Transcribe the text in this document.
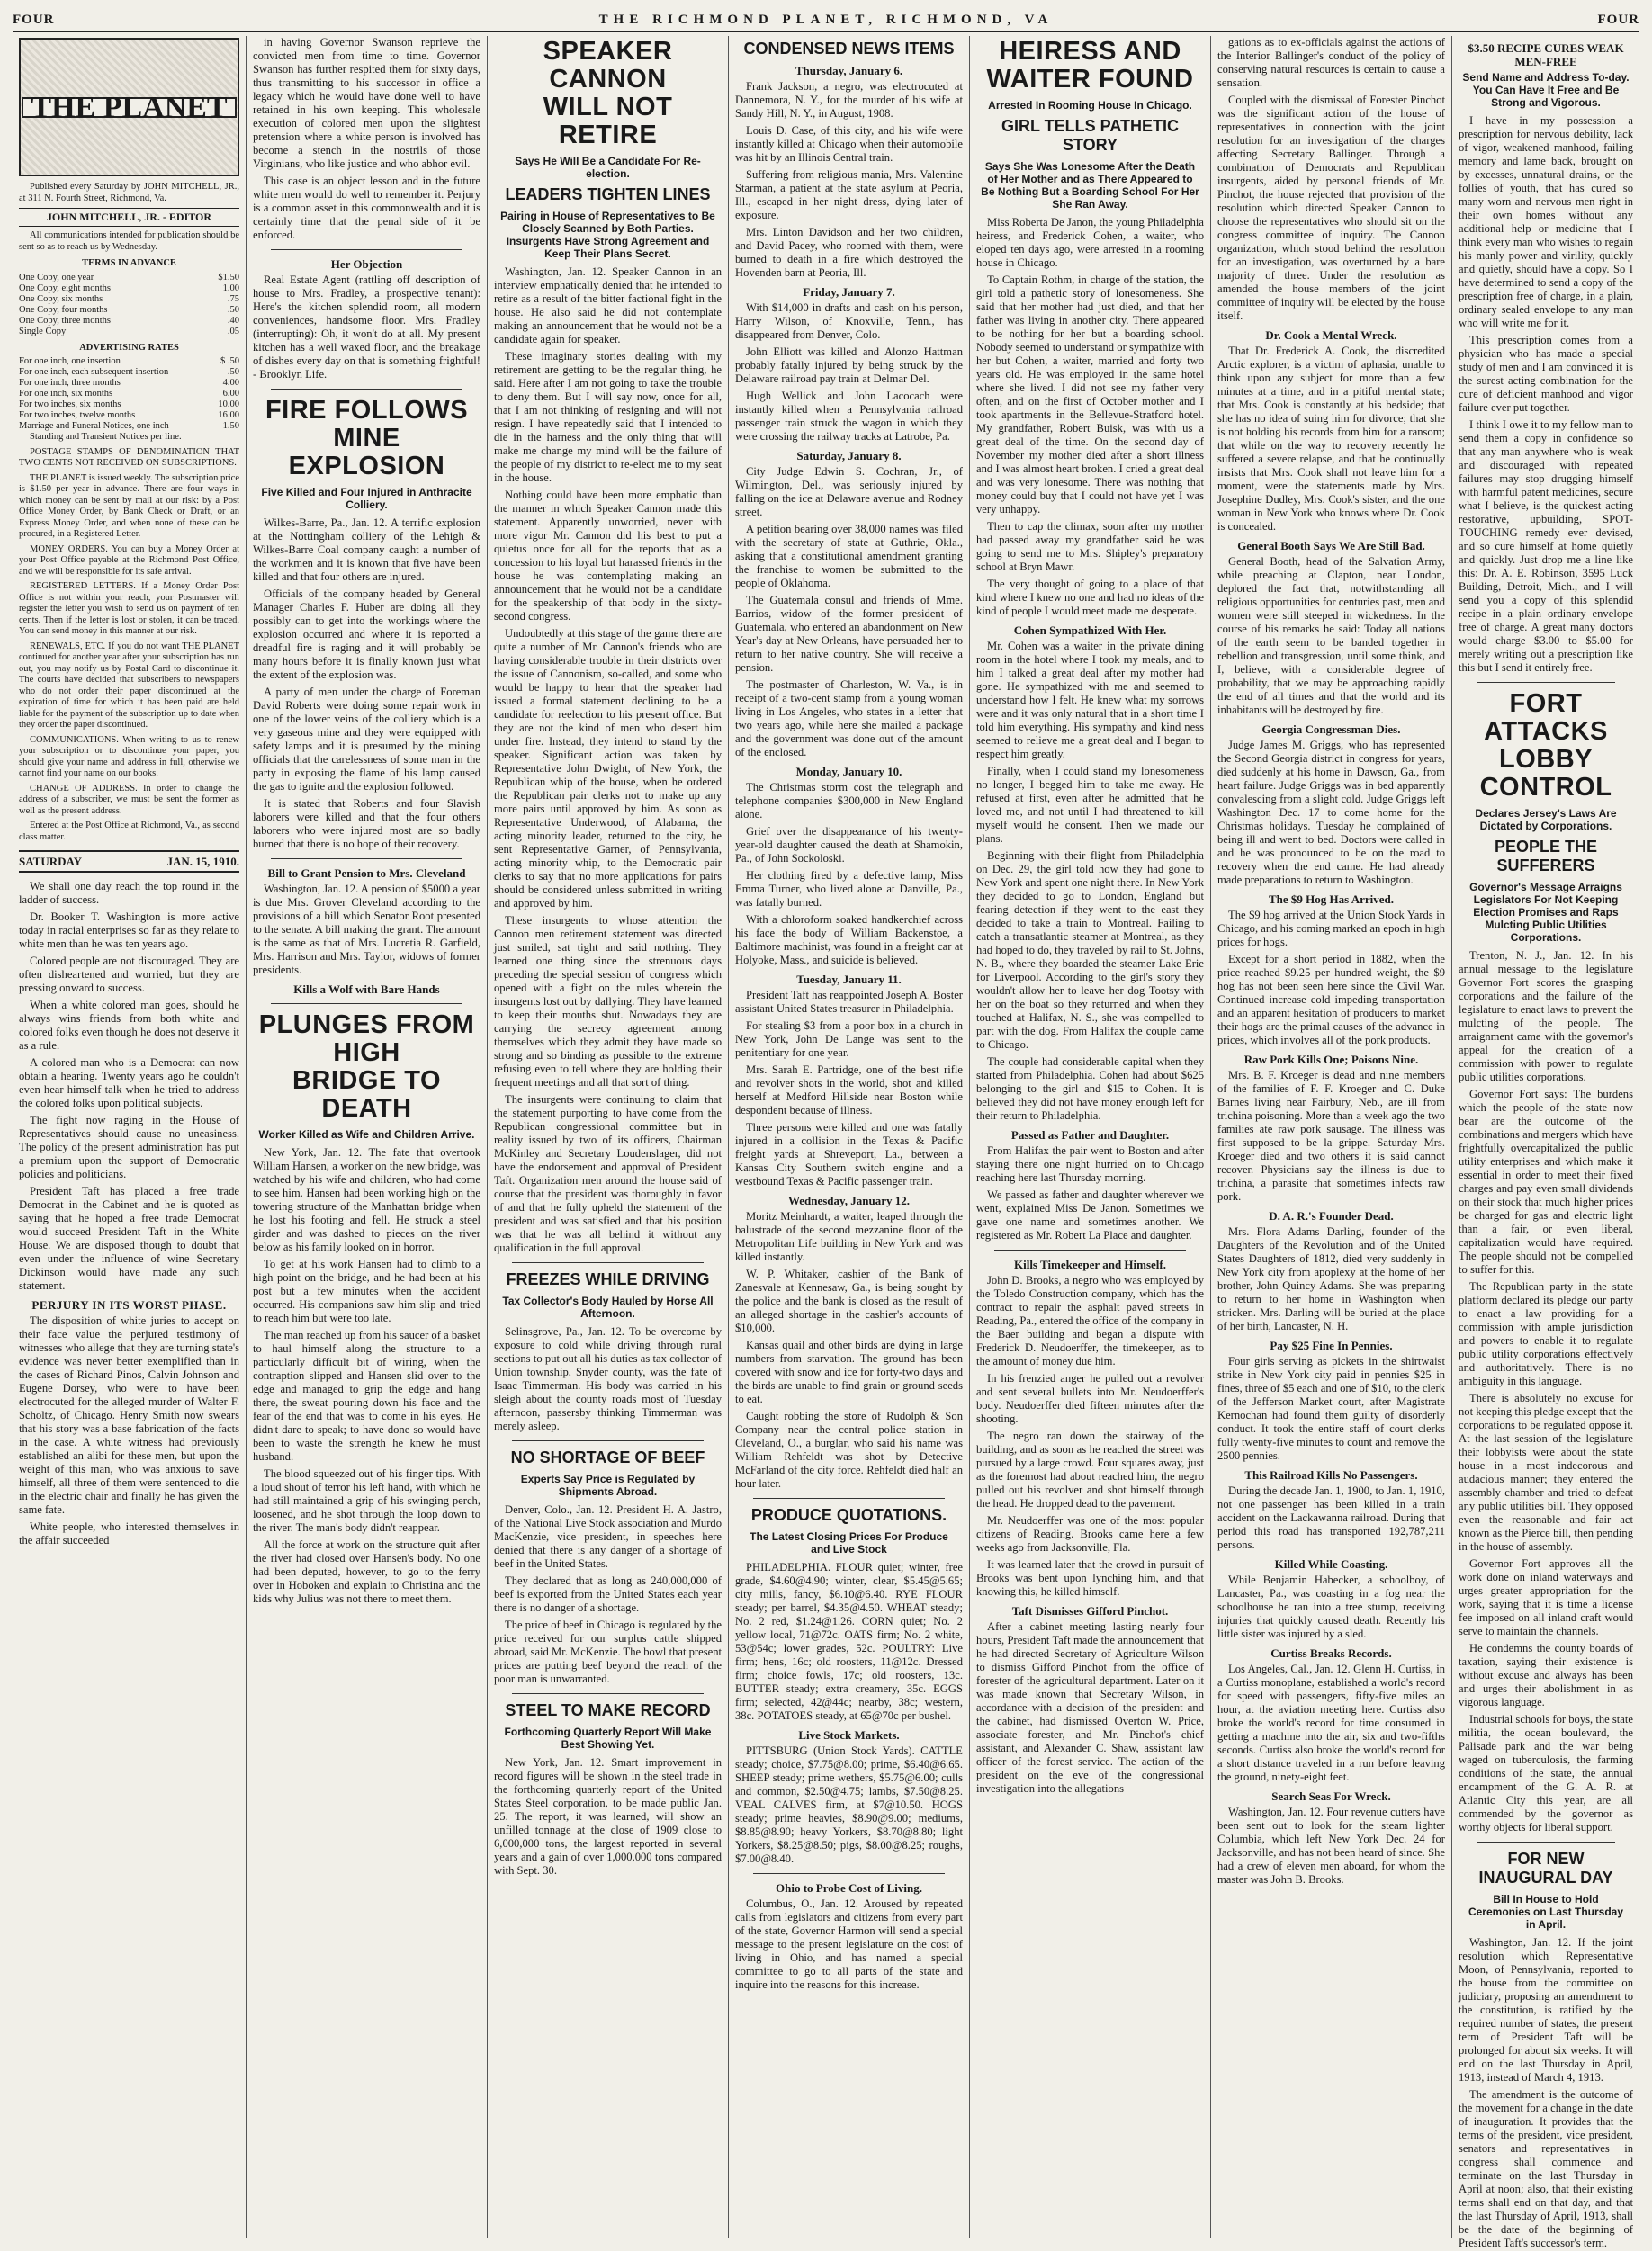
FOUR	THE RICHMOND PLANET, RICHMOND, VA	FOUR
THE PLANET

Published every Saturday by JOHN MITCHELL, JR., at 311 N. Fourth Street, Richmond, Va.

JOHN MITCHELL, JR. - EDITOR

All communications intended for publication should be sent so as to reach us by Wednesday.

TERMS IN ADVANCE
One Copy, one year	$1.50
One Copy, eight months	1.00
One Copy, six months	.75
One Copy, four months	.50
One Copy, three months	.40
Single Copy	.05
ADVERTISING RATES
For one inch, one insertion	$ .50
For one inch, each subsequent insertion	.50
For one inch, three months	4.00
For one inch, six months	6.00
For two inches, six months	10.00
For two inches, twelve months	16.00
Marriage and Funeral Notices, one inch	1.50

Standing and Transient Notices per line.

POSTAGE STAMPS OF DENOMINATION THAT TWO CENTS NOT RECEIVED ON SUBSCRIPTIONS.

THE PLANET is issued weekly. The subscription price is $1.50 per year in advance. There are four ways in which money can be sent by mail at our risk: by a Post Office Money Order, by Bank Check or Draft, or an Express Money Order, and when none of these can be procured, in a Registered Letter.

MONEY ORDERS. You can buy a Money Order at your Post Office payable at the Richmond Post Office, and we will be responsible for its safe arrival.

REGISTERED LETTERS. If a Money Order Post Office is not within your reach, your Postmaster will register the letter you wish to send us on payment of ten cents. Then if the letter is lost or stolen, it can be traced. You can send money in this manner at our risk.

RENEWALS, ETC. If you do not want THE PLANET continued for another year after your subscription has run out, you may notify us by Postal Card to discontinue it. The courts have decided that subscribers to newspapers who do not order their paper discontinued at the expiration of time for which it has been paid are held liable for the payment of the subscription up to date when they order the paper discontinued.

COMMUNICATIONS. When writing to us to renew your subscription or to discontinue your paper, you should give your name and address in full, otherwise we cannot find your name on our books.

CHANGE OF ADDRESS. In order to change the address of a subscriber, we must be sent the former as well as the present address.

Entered at the Post Office at Richmond, Va., as second class matter.

SATURDAY	JAN. 15, 1910.

We shall one day reach the top round in the ladder of success.

Dr. Booker T. Washington is more active today in racial enterprises so far as they relate to white men than he was ten years ago.

Colored people are not discouraged. They are often disheartened and worried, but they are pressing onward to success.

When a white colored man goes, should he always wins friends from both white and colored folks even though he does not deserve it as a rule.

A colored man who is a Democrat can now obtain a hearing. Twenty years ago he couldn't even hear himself talk when he tried to address the colored folks upon political subjects.

The fight now raging in the House of Representatives should cause no uneasiness. The policy of the present administration has put a premium upon the support of Democratic policies and politicians.

President Taft has placed a free trade Democrat in the Cabinet and he is quoted as saying that he hoped a free trade Democrat would succeed President Taft in the White House. We are disposed though to doubt that even under the influence of wine Secretary Dickinson would have made any such statement.

PERJURY IN ITS WORST PHASE.

The disposition of white juries to accept on their face value the perjured testimony of witnesses who allege that they are turning state's evidence was never better exemplified than in the cases of Richard Pinos, Calvin Johnson and Eugene Dorsey, who were to have been electrocuted for the alleged murder of Walter F. Scholtz, of Chicago. Henry Smith now swears that his story was a base fabrication of the facts in the case. A white witness had previously established an alibi for these men, but upon the weight of this man, who was anxious to save himself, all three of them were sentenced to die in the electric chair and finally he has given the same fate.

White people, who interested themselves in the affair succeeded

in having Governor Swanson reprieve the convicted men from time to time. Governor Swanson has further respited them for sixty days, thus transmitting to his successor in office a legacy which he would have done well to have retained in his own keeping. This wholesale execution of colored men upon the slightest pretension where a white person is involved has become a stench in the nostrils of those Virginians, who like justice and who abhor evil.

This case is an object lesson and in the future white men would do well to remember it. Perjury is a common asset in this commonwealth and it is certainly time that the penal side of it be enforced.

Her Objection

Real Estate Agent (rattling off description of house to Mrs. Fradley, a prospective tenant): Here's the kitchen splendid room, all modern conveniences, handsome floor. Mrs. Fradley (interrupting): Oh, it won't do at all. My present kitchen has a well waxed floor, and the breakage of dishes every day on that is something frightful! - Brooklyn Life.

FIRE FOLLOWS
MINE EXPLOSION
Five Killed and Four Injured in Anthracite Colliery.

Wilkes-Barre, Pa., Jan. 12. A terrific explosion at the Nottingham colliery of the Lehigh & Wilkes-Barre Coal company caught a number of the workmen and it is known that five have been killed and that four others are injured.

Officials of the company headed by General Manager Charles F. Huber are doing all they possibly can to get into the workings where the explosion occurred and where it is reported a dreadful fire is raging and it will probably be many hours before it is finally known just what the extent of the explosion was.

A party of men under the charge of Foreman David Roberts were doing some repair work in one of the lower veins of the colliery which is a very gaseous mine and they were equipped with safety lamps and it is presumed by the mining officials that the carelessness of some man in the party in exposing the flame of his lamp caused the gas to ignite and the explosion followed.

It is stated that Roberts and four Slavish laborers were killed and that the four others laborers who were injured most are so badly burned that there is no hope of their recovery.

Bill to Grant Pension to Mrs. Cleveland

Washington, Jan. 12. A pension of $5000 a year is due Mrs. Grover Cleveland according to the provisions of a bill which Senator Root presented to the senate. A bill making the grant. The amount is the same as that of Mrs. Lucretia R. Garfield, Mrs. Harrison and Mrs. Taylor, widows of former presidents.

Kills a Wolf with Bare Hands
PLUNGES FROM HIGH
BRIDGE TO DEATH
Worker Killed as Wife and Children Arrive.

New York, Jan. 12. The fate that overtook William Hansen, a worker on the new bridge, was watched by his wife and children, who had come to see him. Hansen had been working high on the towering structure of the Manhattan bridge when he lost his footing and fell. He struck a steel girder and was dashed to pieces on the river below as his family looked on in horror.

To get at his work Hansen had to climb to a high point on the bridge, and he had been at his post but a few minutes when the accident occurred. His companions saw him slip and tried to reach him but were too late.

The man reached up from his saucer of a basket to haul himself along the structure to a particularly difficult bit of wiring, when the contraption slipped and Hansen slid over to the edge and managed to grip the edge and hang there, the sweat pouring down his face and the fear of the end that was to come in his eyes. He didn't dare to speak; to have done so would have been to waste the strength he knew he must husband.

The blood squeezed out of his finger tips. With a loud shout of terror his left hand, with which he had still maintained a grip of his swinging perch, loosened, and he shot through the loop down to the river. The man's body didn't reappear.

All the force at work on the structure quit after the river had closed over Hansen's body. No one had been deputed, however, to go to the ferry over in Hoboken and explain to Christina and the kids why Julius was not there to meet them.

SPEAKER CANNON
WILL NOT RETIRE
Says He Will Be a Candidate For Re-election.
LEADERS TIGHTEN LINES
Pairing in House of Representatives to Be Closely Scanned by Both Parties. Insurgents Have Strong Agreement and Keep Their Plans Secret.

Washington, Jan. 12. Speaker Cannon in an interview emphatically denied that he intended to retire as a result of the bitter factional fight in the house. He also said he did not contemplate making an announcement that he would not be a candidate again for speaker.

These imaginary stories dealing with my retirement are getting to be the regular thing, he said. Here after I am not going to take the trouble to deny them. But I will say now, once for all, that I am not thinking of resigning and will not resign. I have repeatedly said that I intended to die in the harness and the only thing that will make me change my mind will be the failure of the people of my district to re-elect me to my seat in the house.

Nothing could have been more emphatic than the manner in which Speaker Cannon made this statement. Apparently unworried, never with more vigor Mr. Cannon did his best to put a quietus once for all for the reports that as a concession to his loyal but harassed friends in the house he was contemplating making an announcement that he would not be a candidate for the speakership of that body in the sixty-second congress.

Undoubtedly at this stage of the game there are quite a number of Mr. Cannon's friends who are having considerable trouble in their districts over the issue of Cannonism, so-called, and some who would be happy to hear that the speaker had issued a formal statement declining to be a candidate for reelection to his present office. But they are not the kind of men who desert him under fire. Instead, they intend to stand by the speaker. Significant action was taken by Representative John Dwight, of New York, the Republican whip of the house, when he ordered the Republican pair clerks not to make up any more pairs until approved by him. As soon as Representative Underwood, of Alabama, the acting minority leader, returned to the city, he sent Representative Garner, of Pennsylvania, acting minority whip, to the Democratic pair clerks to say that no more applications for pairs should be considered unless submitted in writing and approved by him.

These insurgents to whose attention the Cannon men retirement statement was directed just smiled, sat tight and said nothing. They learned one thing since the strenuous days preceding the special session of congress which opened with a fight on the rules wherein the insurgents lost out by dallying. They have learned to keep their mouths shut. Nowadays they are carrying the secrecy agreement among themselves which they admit they have made so strong and so binding as possible to the extreme refusing even to tell where they are holding their frequent meetings and all that sort of thing.

The insurgents were continuing to claim that the statement purporting to have come from the Republican congressional committee but in reality issued by two of its officers, Chairman McKinley and Secretary Loudenslager, did not have the endorsement and approval of President Taft. Organization men around the house said of course that the president was thoroughly in favor of and that he fully upheld the statement of the president and was satisfied and that his position was that he was all behind it without any qualification in the full approval.

FREEZES WHILE DRIVING
Tax Collector's Body Hauled by Horse All Afternoon.

Selinsgrove, Pa., Jan. 12. To be overcome by exposure to cold while driving through rural sections to put out all his duties as tax collector of Union township, Snyder county, was the fate of Isaac Timmerman. His body was carried in his sleigh about the county roads most of Tuesday afternoon, passersby thinking Timmerman was merely asleep.

NO SHORTAGE OF BEEF
Experts Say Price is Regulated by Shipments Abroad.

Denver, Colo., Jan. 12. President H. A. Jastro, of the National Live Stock association and Murdo MacKenzie, vice president, in speeches here denied that there is any danger of a shortage of beef in the United States.

They declared that as long as 240,000,000 of beef is exported from the United States each year there is no danger of a shortage.

The price of beef in Chicago is regulated by the price received for our surplus cattle shipped abroad, said Mr. McKenzie. The bowl that present prices are putting beef beyond the reach of the poor man is unwarranted.

STEEL TO MAKE RECORD
Forthcoming Quarterly Report Will Make Best Showing Yet.

New York, Jan. 12. Smart improvement in record figures will be shown in the steel trade in the forthcoming quarterly report of the United States Steel corporation, to be made public Jan. 25. The report, it was learned, will show an unfilled tonnage at the close of 1909 close to 6,000,000 tons, the largest reported in several years and a gain of over 1,000,000 tons compared with Sept. 30.

CONDENSED NEWS ITEMS
Thursday, January 6.

Frank Jackson, a negro, was electrocuted at Dannemora, N. Y., for the murder of his wife at Sandy Hill, N. Y., in August, 1908.

Louis D. Case, of this city, and his wife were instantly killed at Chicago when their automobile was hit by an Illinois Central train.

Suffering from religious mania, Mrs. Valentine Starman, a patient at the state asylum at Peoria, Ill., escaped in her night dress, dying later of exposure.

Mrs. Linton Davidson and her two children, and David Pacey, who roomed with them, were burned to death in a fire which destroyed the Hovenden barn at Peoria, Ill.

Friday, January 7.

With $14,000 in drafts and cash on his person, Harry Wilson, of Knoxville, Tenn., has disappeared from Denver, Colo.

John Elliott was killed and Alonzo Hattman probably fatally injured by being struck by the Delaware railroad pay train at Delmar Del.

Hugh Wellick and John Lacocach were instantly killed when a Pennsylvania railroad passenger train struck the wagon in which they were crossing the railway tracks at Latrobe, Pa.

Saturday, January 8.

City Judge Edwin S. Cochran, Jr., of Wilmington, Del., was seriously injured by falling on the ice at Delaware avenue and Rodney street.

A petition bearing over 38,000 names was filed with the secretary of state at Guthrie, Okla., asking that a constitutional amendment granting the franchise to women be submitted to the people of Oklahoma.

The Guatemala consul and friends of Mme. Barrios, widow of the former president of Guatemala, who entered an abandonment on New Year's day at New Orleans, have persuaded her to return to her native country. She will receive a pension.

The postmaster of Charleston, W. Va., is in receipt of a two-cent stamp from a young woman living in Los Angeles, who states in a letter that two years ago, while here she mailed a package and the government was done out of the amount of the enclosed.

Monday, January 10.

The Christmas storm cost the telegraph and telephone companies $300,000 in New England alone.

Grief over the disappearance of his twenty-year-old daughter caused the death at Shamokin, Pa., of John Sockoloski.

Her clothing fired by a defective lamp, Miss Emma Turner, who lived alone at Danville, Pa., was fatally burned.

With a chloroform soaked handkerchief across his face the body of William Backenstoe, a Baltimore machinist, was found in a freight car at Holyoke, Mass., and suicide is believed.

Tuesday, January 11.

President Taft has reappointed Joseph A. Boster assistant United States treasurer in Philadelphia.

For stealing $3 from a poor box in a church in New York, John De Lange was sent to the penitentiary for one year.

Mrs. Sarah E. Partridge, one of the best rifle and revolver shots in the world, shot and killed herself at Medford Hillside near Boston while despondent because of illness.

Three persons were killed and one was fatally injured in a collision in the Texas & Pacific freight yards at Shreveport, La., between a Kansas City Southern switch engine and a westbound Texas & Pacific passenger train.

Wednesday, January 12.

Moritz Meinhardt, a waiter, leaped through the balustrade of the second mezzanine floor of the Metropolitan Life building in New York and was killed instantly.

W. P. Whitaker, cashier of the Bank of Zanesvale at Kennesaw, Ga., is being sought by the police and the bank is closed as the result of an alleged shortage in the cashier's accounts of $10,000.

Kansas quail and other birds are dying in large numbers from starvation. The ground has been covered with snow and ice for forty-two days and the birds are unable to find grain or ground seeds to eat.

Caught robbing the store of Rudolph & Son Company near the central police station in Cleveland, O., a burglar, who said his name was William Rehfeldt was shot by Detective McFarland of the city force. Rehfeldt died half an hour later.

PRODUCE QUOTATIONS.
The Latest Closing Prices For Produce and Live Stock

PHILADELPHIA. FLOUR quiet; winter, free grade, $4.60@4.90; winter, clear, $5.45@5.65; city mills, fancy, $6.10@6.40. RYE FLOUR steady; per barrel, $4.35@4.50. WHEAT steady; No. 2 red, $1.24@1.26. CORN quiet; No. 2 yellow local, 71@72c. OATS firm; No. 2 white, 53@54c; lower grades, 52c. POULTRY: Live firm; hens, 16c; old roosters, 11@12c. Dressed firm; choice fowls, 17c; old roosters, 13c. BUTTER steady; extra creamery, 35c. EGGS firm; selected, 42@44c; nearby, 38c; western, 38c. POTATOES steady, at 65@70c per bushel.

Live Stock Markets.

PITTSBURG (Union Stock Yards). CATTLE steady; choice, $7.75@8.00; prime, $6.40@6.65. SHEEP steady; prime wethers, $5.75@6.00; culls and common, $2.50@4.75; lambs, $7.50@8.25. VEAL CALVES firm, at $7@10.50. HOGS steady; prime heavies, $8.90@9.00; mediums, $8.85@8.90; heavy Yorkers, $8.70@8.80; light Yorkers, $8.25@8.50; pigs, $8.00@8.25; roughs, $7.00@8.40.

Ohio to Probe Cost of Living.

Columbus, O., Jan. 12. Aroused by repeated calls from legislators and citizens from every part of the state, Governor Harmon will send a special message to the present legislature on the cost of living in Ohio, and has named a special committee to go to all parts of the state and inquire into the reasons for this increase.

HEIRESS AND
WAITER FOUND
Arrested In Rooming House In Chicago.
GIRL TELLS PATHETIC STORY
Says She Was Lonesome After the Death of Her Mother and as There Appeared to Be Nothing But a Boarding School For Her She Ran Away.

Miss Roberta De Janon, the young Philadelphia heiress, and Frederick Cohen, a waiter, who eloped ten days ago, were arrested in a rooming house in Chicago.

To Captain Rothm, in charge of the station, the girl told a pathetic story of lonesomeness. She said that her mother had just died, and that her father was living in another city. There appeared to be nothing for her but a boarding school. Nobody seemed to understand or sympathize with her but Cohen, a waiter, married and forty two years old. He was employed in the same hotel where she lived. I did not see my father very often, and on the first of October mother and I took apartments in the Bellevue-Stratford hotel. My grandfather, Robert Buisk, was with us a great deal of the time. On the second day of November my mother died after a short illness and I was almost heart broken. I cried a great deal and was very lonesome. There was nothing that money could buy that I could not have yet I was very unhappy.

Then to cap the climax, soon after my mother had passed away my grandfather said he was going to send me to Mrs. Shipley's preparatory school at Bryn Mawr.

The very thought of going to a place of that kind where I knew no one and had no ideas of the kind of people I would meet made me desperate.

Cohen Sympathized With Her.

Mr. Cohen was a waiter in the private dining room in the hotel where I took my meals, and to him I talked a great deal after my mother had gone. He sympathized with me and seemed to understand how I felt. He knew what my sorrows were and it was only natural that in a short time I told him everything. His sympathy and kind ness seemed to relieve me a great deal and I began to respect him greatly.

Finally, when I could stand my lonesomeness no longer, I begged him to take me away. He refused at first, even after he admitted that he loved me, and not until I had threatened to kill myself would he consent. Then we made our plans.

Beginning with their flight from Philadelphia on Dec. 29, the girl told how they had gone to New York and spent one night there. In New York they decided to go to London, England but fearing detection if they went to the east they decided to take a train to Montreal. Failing to catch a transatlantic steamer at Montreal, as they had hoped to do, they traveled by rail to St. Johns, N. B., where they boarded the steamer Lake Erie for Liverpool. According to the girl's story they wouldn't allow her to leave her dog Tootsy with her on the boat so they returned and when they touched at Halifax, N. S., she was compelled to part with the dog. From Halifax the couple came to Chicago.

The couple had considerable capital when they started from Philadelphia. Cohen had about $625 belonging to the girl and $15 to Cohen. It is believed they did not have money enough left for their return to Philadelphia.

Passed as Father and Daughter.

From Halifax the pair went to Boston and after staying there one night hurried on to Chicago reaching here last Thursday morning.

We passed as father and daughter wherever we went, explained Miss De Janon. Sometimes we gave one name and sometimes another. We registered as Mr. Robert La Place and daughter.

Kills Timekeeper and Himself.

John D. Brooks, a negro who was employed by the Toledo Construction company, which has the contract to repair the asphalt paved streets in Reading, Pa., entered the office of the company in the Baer building and began a dispute with Frederick D. Neudoerffer, the timekeeper, as to the amount of money due him.

In his frenzied anger he pulled out a revolver and sent several bullets into Mr. Neudoerffer's body. Neudoerffer died fifteen minutes after the shooting.

The negro ran down the stairway of the building, and as soon as he reached the street was pursued by a large crowd. Four squares away, just as the foremost had about reached him, the negro pulled out his revolver and shot himself through the head. He dropped dead to the pavement.

Mr. Neudoerffer was one of the most popular citizens of Reading. Brooks came here a few weeks ago from Jacksonville, Fla.

It was learned later that the crowd in pursuit of Brooks was bent upon lynching him, and that knowing this, he killed himself.

Taft Dismisses Gifford Pinchot.

After a cabinet meeting lasting nearly four hours, President Taft made the announcement that he had directed Secretary of Agriculture Wilson to dismiss Gifford Pinchot from the office of forester of the agricultural department. Later on it was made known that Secretary Wilson, in accordance with a decision of the president and the cabinet, had dismissed Overton W. Price, associate forester, and Mr. Pinchot's chief assistant, and Alexander C. Shaw, assistant law officer of the forest service. The action of the president on the eve of the congressional investigation into the allegations

gations as to ex-officials against the actions of the Interior Ballinger's conduct of the policy of conserving natural resources is certain to cause a sensation.

Coupled with the dismissal of Forester Pinchot was the significant action of the house of representatives in connection with the joint resolution for an investigation of the charges affecting Secretary Ballinger. Through a combination of Democrats and Republican insurgents, aided by personal friends of Mr. Pinchot, the house rejected that provision of the resolution which directed Speaker Cannon to choose the representatives who should sit on the congress committee of inquiry. The Cannon organization, which stood behind the resolution for an investigation, was overturned by a bare majority of three. Under the resolution as amended the house members of the joint committee of inquiry will be elected by the house itself.

Dr. Cook a Mental Wreck.

That Dr. Frederick A. Cook, the discredited Arctic explorer, is a victim of aphasia, unable to think upon any subject for more than a few minutes at a time, and in a pitiful mental state; that Mrs. Cook is constantly at his bedside; that she has no idea of suing him for divorce; that she is not holding his records from him for a ransom; that while on the way to recovery recently he suffered a severe relapse, and that he continually insists that Mrs. Cook shall not leave him for a moment, were the statements made by Mrs. Josephine Dudley, Mrs. Cook's sister, and the one woman in New York who knows where Dr. Cook is concealed.

General Booth Says We Are Still Bad.

General Booth, head of the Salvation Army, while preaching at Clapton, near London, deplored the fact that, notwithstanding all religious opportunities for centuries past, men and women were still steeped in wickedness. In the course of his remarks he said: Today all nations of the earth seem to be banded together in rebellion and transgression, until some think, and I, believe, with a considerable degree of probability, that we may be approaching rapidly the end of all times and that the world and its inhabitants will be destroyed by fire.

Georgia Congressman Dies.

Judge James M. Griggs, who has represented the Second Georgia district in congress for years, died suddenly at his home in Dawson, Ga., from heart failure. Judge Griggs was in bed apparently convalescing from a slight cold. Judge Griggs left Washington Dec. 17 to come home for the Christmas holidays. Tuesday he complained of being ill and went to bed. Doctors were called in and he was pronounced to be on the road to recovery when the end came. He had already made preparations to return to Washington.

The $9 Hog Has Arrived.

The $9 hog arrived at the Union Stock Yards in Chicago, and his coming marked an epoch in high prices for hogs.

Except for a short period in 1882, when the price reached $9.25 per hundred weight, the $9 hog has not been seen here since the Civil War. Continued increase cold impeding transportation and an apparent hesitation of producers to market their hogs are the primal causes of the advance in prices, which involves all of the pork products.

Raw Pork Kills One; Poisons Nine.

Mrs. B. F. Kroeger is dead and nine members of the families of F. F. Kroeger and C. Duke Barnes living near Fairbury, Neb., are ill from trichina poisoning. More than a week ago the two families ate raw pork sausage. The illness was first supposed to be la grippe. Saturday Mrs. Kroeger died and two others it is said cannot recover. Physicians say the illness is due to trichina, a parasite that sometimes infects raw pork.

D. A. R.'s Founder Dead.

Mrs. Flora Adams Darling, founder of the Daughters of the Revolution and of the United States Daughters of 1812, died very suddenly in New York city from apoplexy at the home of her brother, John Quincy Adams. She was preparing to return to her home in Washington when stricken. Mrs. Darling will be buried at the place of her birth, Lancaster, N. H.

Pay $25 Fine In Pennies.

Four girls serving as pickets in the shirtwaist strike in New York city paid in pennies $25 in fines, three of $5 each and one of $10, to the clerk of the Jefferson Market court, after Magistrate Kernochan had found them guilty of disorderly conduct. It took the entire staff of court clerks fully twenty-five minutes to count and remove the 2500 pennies.

This Railroad Kills No Passengers.

During the decade Jan. 1, 1900, to Jan. 1, 1910, not one passenger has been killed in a train accident on the Lackawanna railroad. During that period this road has transported 192,787,211 persons.

Killed While Coasting.

While Benjamin Habecker, a schoolboy, of Lancaster, Pa., was coasting in a fog near the schoolhouse he ran into a tree stump, receiving injuries that quickly caused death. Recently his little sister was injured by a sled.

Curtiss Breaks Records.

Los Angeles, Cal., Jan. 12. Glenn H. Curtiss, in a Curtiss monoplane, established a world's record for speed with passengers, fifty-five miles an hour, at the aviation meeting here. Curtiss also broke the world's record for time consumed in getting a machine into the air, six and two-fifths seconds. Curtiss also broke the world's record for a short distance traveled in a run before leaving the ground, ninety-eight feet.

Search Seas For Wreck.

Washington, Jan. 12. Four revenue cutters have been sent out to look for the steam lighter Columbia, which left New York Dec. 24 for Jacksonville, and has not been heard of since. She had a crew of eleven men aboard, for whom the master was John B. Brooks.

$3.50 RECIPE CURES WEAK MEN-FREE
Send Name and Address To-day. You Can Have It Free and Be Strong and Vigorous.

I have in my possession a prescription for nervous debility, lack of vigor, weakened manhood, failing memory and lame back, brought on by excesses, unnatural drains, or the follies of youth, that has cured so many worn and nervous men right in their own homes without any additional help or medicine that I think every man who wishes to regain his manly power and virility, quickly and quietly, should have a copy. So I have determined to send a copy of the prescription free of charge, in a plain, ordinary sealed envelope to any man who will write me for it.

This prescription comes from a physician who has made a special study of men and I am convinced it is the surest acting combination for the cure of deficient manhood and vigor failure ever put together.

I think I owe it to my fellow man to send them a copy in confidence so that any man anywhere who is weak and discouraged with repeated failures may stop drugging himself with harmful patent medicines, secure what I believe, is the quickest acting restorative, upbuilding, SPOT-TOUCHING remedy ever devised, and so cure himself at home quietly and quickly. Just drop me a line like this: Dr. A. E. Robinson, 3595 Luck Building, Detroit, Mich., and I will send you a copy of this splendid recipe in a plain ordinary envelope free of charge. A great many doctors would charge $3.00 to $5.00 for merely writing out a prescription like this but I send it entirely free.

FORT ATTACKS
LOBBY CONTROL
Declares Jersey's Laws Are Dictated by Corporations.
PEOPLE THE SUFFERERS
Governor's Message Arraigns Legislators For Not Keeping Election Promises and Raps Mulcting Public Utilities Corporations.

Trenton, N. J., Jan. 12. In his annual message to the legislature Governor Fort scores the grasping corporations and the failure of the legislature to enact laws to prevent the mulcting of the people. The arraignment came with the governor's appeal for the creation of a commission with power to regulate public utilities corporations.

Governor Fort says: The burdens which the people of the state now bear are the outcome of the combinations and mergers which have frightfully overcapitalized the public utility enterprises and which make it essential in order to meet their fixed charges and pay even small dividends on their stock that much higher prices be charged for gas and electric light than a fair, or even liberal, capitalization would have required. The people should not be compelled to suffer for this.

The Republican party in the state platform declared its pledge our party to enact a law providing for a commission with ample jurisdiction and powers to enable it to regulate public utility corporations effectively and authoritatively. There is no ambiguity in this language.

There is absolutely no excuse for not keeping this pledge except that the corporations to be regulated oppose it. At the last session of the legislature their lobbyists were about the state house in a most indecorous and audacious manner; they entered the assembly chamber and tried to defeat any public utilities bill. They opposed even the reasonable and fair act known as the Pierce bill, then pending in the house of assembly.

Governor Fort approves all the work done on inland waterways and urges greater appropriation for the work, saying that it is time a license fee imposed on all inland craft would serve to maintain the channels.

He condemns the county boards of taxation, saying their existence is without excuse and always has been and urges their abolishment in as vigorous language.

Industrial schools for boys, the state militia, the ocean boulevard, the Palisade park and the war being waged on tuberculosis, the farming conditions of the state, the annual encampment of the G. A. R. at Atlantic City this year, are all commended by the governor as worthy objects for liberal support.

FOR NEW INAUGURAL DAY
Bill In House to Hold Ceremonies on Last Thursday in April.

Washington, Jan. 12. If the joint resolution which Representative Moon, of Pennsylvania, reported to the house from the committee on judiciary, proposing an amendment to the constitution, is ratified by the required number of states, the present term of President Taft will be prolonged for about six weeks. It will end on the last Thursday in April, 1913, instead of March 4, 1913.

The amendment is the outcome of the movement for a change in the date of inauguration. It provides that the terms of the president, vice president, senators and representatives in congress shall commence and terminate on the last Thursday in April at noon; also, that their existing terms shall end on that day, and that the last Thursday of April, 1913, shall be the date of the beginning of President Taft's successor's term.
